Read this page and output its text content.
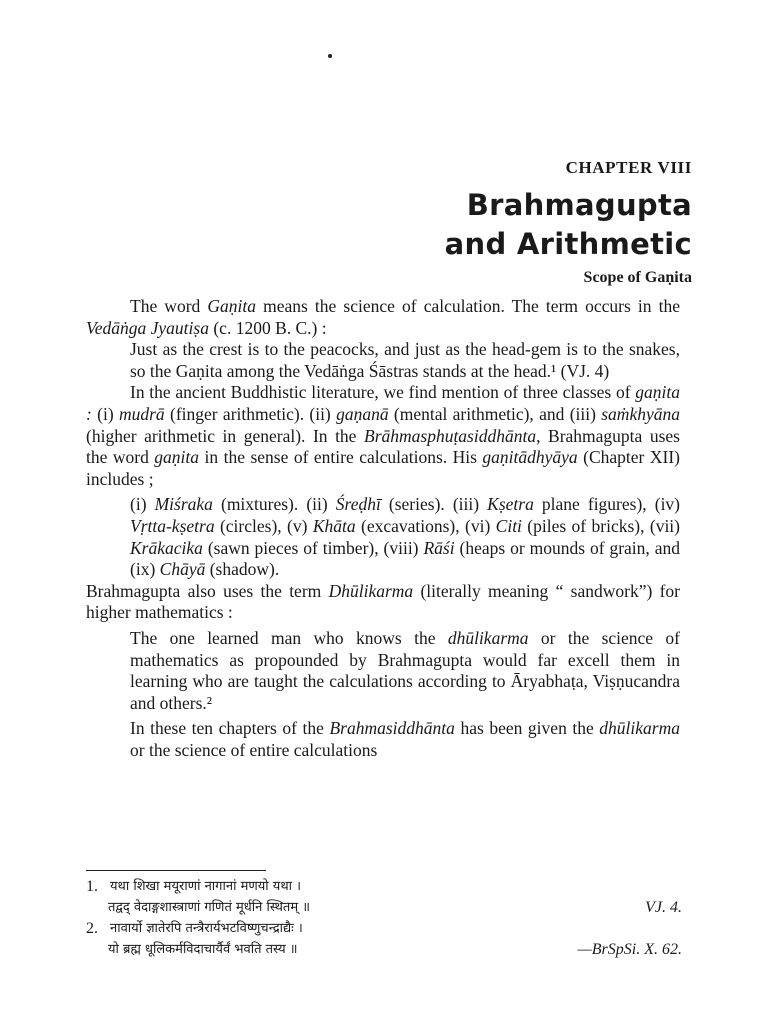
CHAPTER VIII
Brahmagupta
and Arithmetic
Scope of Gaṇita

The word Gaṇita means the science of calculation. The term occurs in the Vedāṅga Jyautiṣa (c. 1200 B. C.) :

Just as the crest is to the peacocks, and just as the head-gem is to the snakes, so the Gaṇita among the Vedāṅga Śāstras stands at the head.¹ (VJ. 4)

In the ancient Buddhistic literature, we find mention of three classes of gaṇita : (i) mudrā (finger arithmetic). (ii) gaṇanā (mental arithmetic), and (iii) saṁkhyāna (higher arithmetic in general). In the Brāhmasphuṭasiddhānta, Brahmagupta uses the word gaṇita in the sense of entire calculations. His gaṇitādhyāya (Chapter XII) includes ;

(i) Miśraka (mixtures). (ii) Śreḍhī (series). (iii) Kṣetra plane figures), (iv) Vṛtta-kṣetra (circles), (v) Khāta (excavations), (vi) Citi (piles of bricks), (vii) Krākacika (sawn pieces of timber), (viii) Rāśi (heaps or mounds of grain, and (ix) Chāyā (shadow).

Brahmagupta also uses the term Dhūlikarma (literally meaning “ sandwork”) for higher mathematics :

The one learned man who knows the dhūlikarma or the science of mathematics as propounded by Brahmagupta would far excell them in learning who are taught the calculations according to Āryabhaṭa, Viṣṇucandra and others.²

In these ten chapters of the Brahmasiddhānta has been given the dhūlikarma or the science of entire calculations

1. यथा शिखा मयूराणां नागानां मणयो यथा ।
तद्वद् वेदाङ्गशास्त्राणां गणितं मूर्धनि स्थितम् ॥	VJ. 4.
2. नावार्यो ज्ञातेरपि तन्त्रैरार्यभटविष्णुचन्द्राद्यैः ।
यो ब्रह्म धूलिकर्मविदाचार्यैर्वं भवति तस्य ॥	—BrSpSi. X. 62.
